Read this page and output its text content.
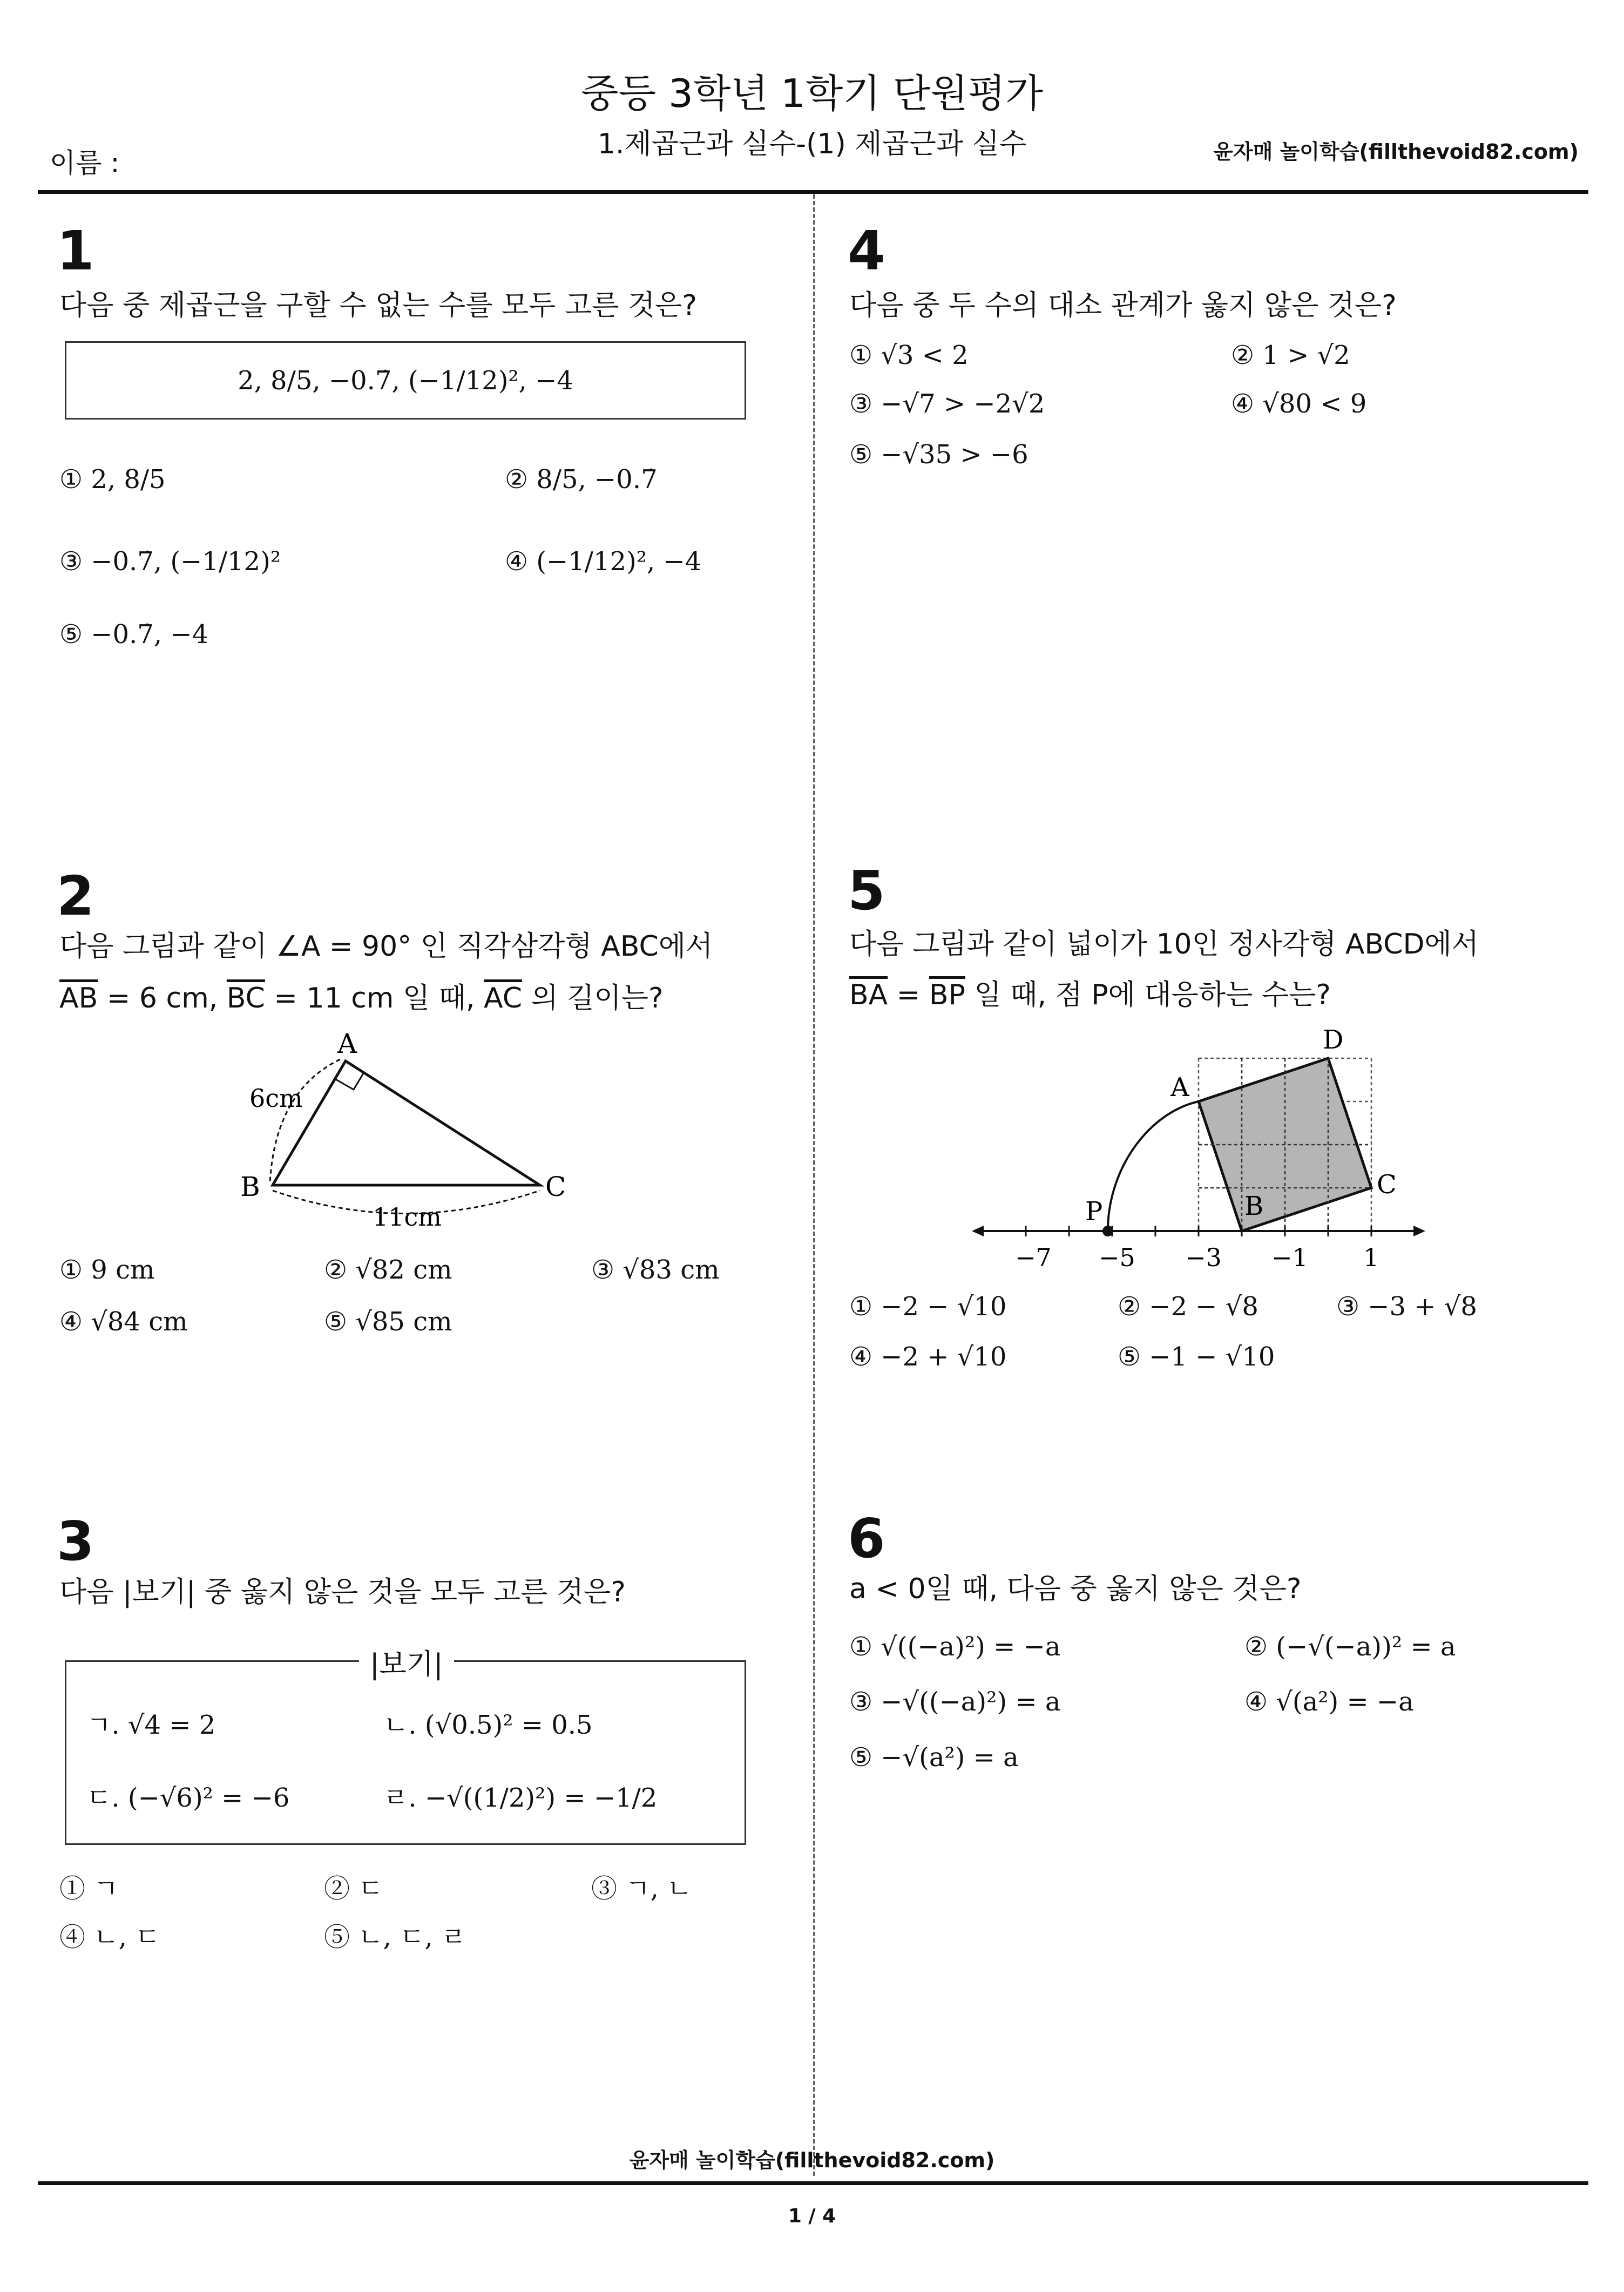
중등 3학년 1학기 단원평가
1.제곱근과 실수-(1) 제곱근과 실수
이름 :	윤자매 놀이학습(fillthevoid82.com)
1
다음 중 제곱근을 구할 수 없는 수를 모두 고른 것은?
2, 8/5, −0.7̇, (−1/12)², −4
① 2, 8/5	② 8/5, −0.7̇
③ −0.7̇, (−1/12)²	④ (−1/12)², −4
⑤ −0.7̇, −4
2
다음 그림과 같이 ∠A = 90° 인 직각삼각형 ABC에서
$\overline{AB} = 6$ cm, $\overline{BC} = 11$ cm 일 때, $\overline{AC}$ 의 길이는?
A
B	C
6cm
11cm
① 9 cm	② √82 cm	③ √83 cm
④ √84 cm	⑤ √85 cm
3
다음 |보기| 중 옳지 않은 것을 모두 고른 것은?
|보기|
ㄱ. √4 = 2	ㄴ. (√0.5)² = 0.5
ㄷ. (−√6)² = −6	ㄹ. −√((1/2)²) = −1/2
① ㄱ	② ㄷ	③ ㄱ, ㄴ
④ ㄴ, ㄷ	⑤ ㄴ, ㄷ, ㄹ
4
다음 중 두 수의 대소 관계가 옳지 않은 것은?
① √3 < 2	② 1 > √2
③ −√7 > −2√2	④ √80 < 9
⑤ −√35 > −6
5
다음 그림과 같이 넓이가 10인 정사각형 ABCD에서
$\overline{BA} = \overline{BP}$ 일 때, 점 P에 대응하는 수는?
−7 −5 −3 −1 1
A
D
C
B
P
① −2 − √10	② −2 − √8	③ −3 + √8
④ −2 + √10	⑤ −1 − √10
6
a < 0일 때, 다음 중 옳지 않은 것은?
① √((−a)²) = −a	② (−√(−a))² = a
③ −√((−a)²) = a	④ √(a²) = −a
⑤ −√(a²) = a
윤자매 놀이학습(fillthevoid82.com)
1 / 4
